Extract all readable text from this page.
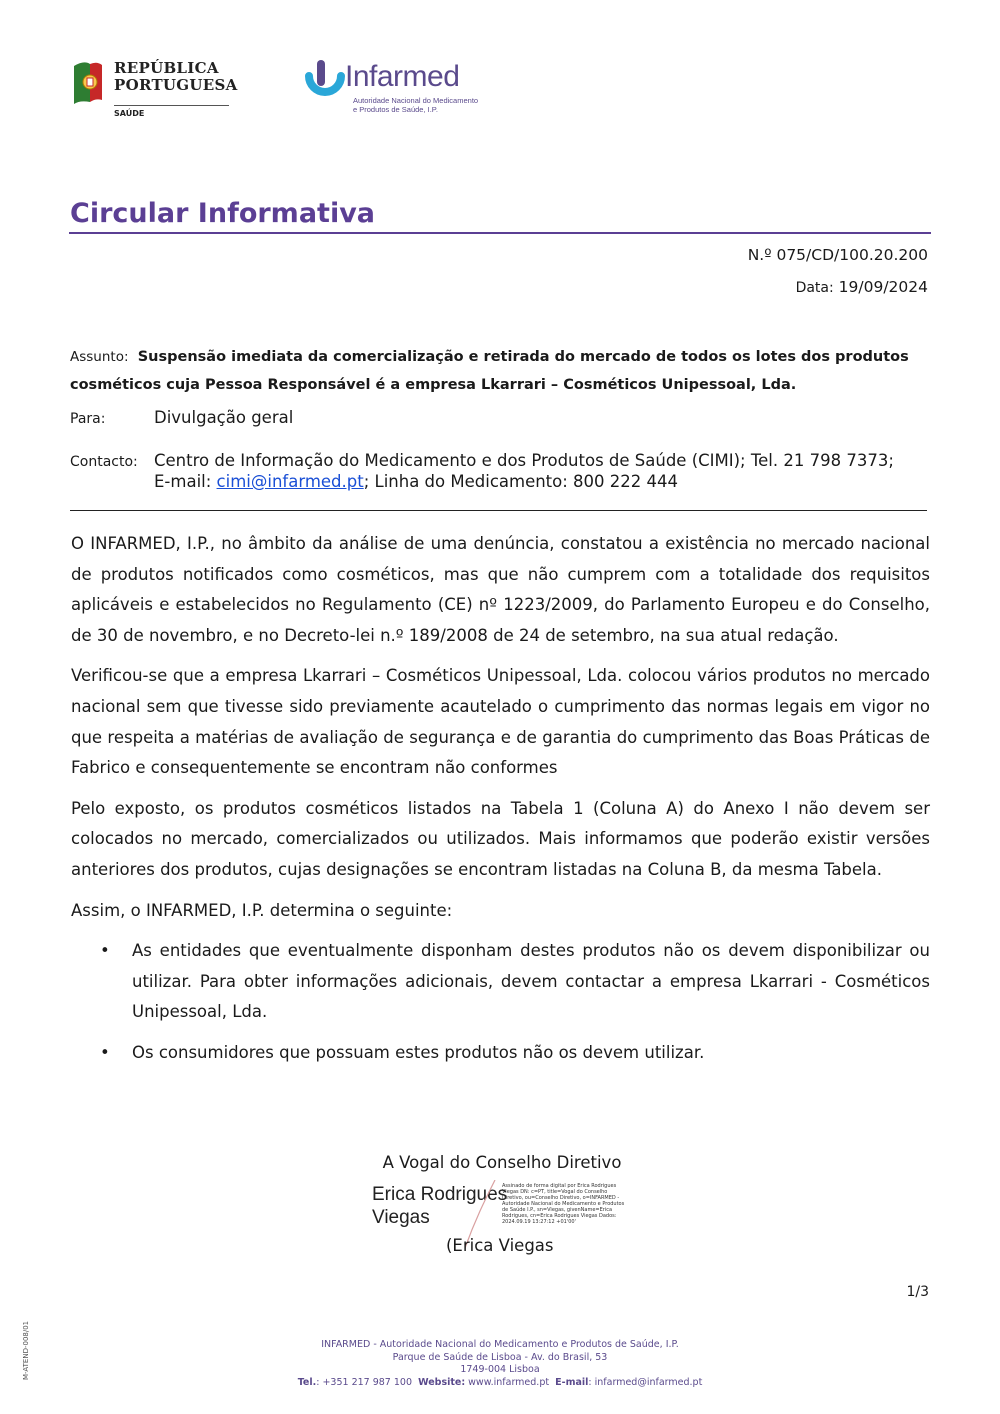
REPÚBLICA
PORTUGUESA
SAÚDE
Infarmed
Autoridade Nacional do Medicamento
e Produtos de Saúde, I.P.
Circular Informativa
N.º 075/CD/100.20.200
Data: 19/09/2024
Assunto: Suspensão imediata da comercialização e retirada do mercado de todos os lotes dos produtos cosméticos cuja Pessoa Responsável é a empresa Lkarrari – Cosméticos Unipessoal, Lda.
Para:	Divulgação geral
Contacto: Centro de Informação do Medicamento e dos Produtos de Saúde (CIMI); Tel. 21 798 7373;
E-mail: cimi@infarmed.pt; Linha do Medicamento: 800 222 444

O INFARMED, I.P., no âmbito da análise de uma denúncia, constatou a existência no mercado nacional de produtos notificados como cosméticos, mas que não cumprem com a totalidade dos requisitos aplicáveis e estabelecidos no Regulamento (CE) nº 1223/2009, do Parlamento Europeu e do Conselho, de 30 de novembro, e no Decreto-lei n.º 189/2008 de 24 de setembro, na sua atual redação.

Verificou-se que a empresa Lkarrari – Cosméticos Unipessoal, Lda. colocou vários produtos no mercado nacional sem que tivesse sido previamente acautelado o cumprimento das normas legais em vigor no que respeita a matérias de avaliação de segurança e de garantia do cumprimento das Boas Práticas de Fabrico e consequentemente se encontram não conformes

Pelo exposto, os produtos cosméticos listados na Tabela 1 (Coluna A) do Anexo I não devem ser colocados no mercado, comercializados ou utilizados. Mais informamos que poderão existir versões anteriores dos produtos, cujas designações se encontram listadas na Coluna B, da mesma Tabela.

Assim, o INFARMED, I.P. determina o seguinte:

• As entidades que eventualmente disponham destes produtos não os devem disponibilizar ou utilizar. Para obter informações adicionais, devem contactar a empresa Lkarrari - Cosméticos Unipessoal, Lda.
• Os consumidores que possuam estes produtos não os devem utilizar.
A Vogal do Conselho Diretivo
Erica Rodrigues
Viegas
Assinado de forma digital por Erica Rodrigues Viegas DN: c=PT, title=Vogal do Conselho Diretivo, ou=Conselho Diretivo, o=INFARMED - Autoridade Nacional do Medicamento e Produtos de Saúde I.P., sn=Viegas, givenName=Erica Rodrigues, cn=Erica Rodrigues Viegas Dados: 2024.09.19 13:27:12 +01'00'
(Erica Viegas
1/3
M-ATEND-008/01	INFARMED - Autoridade Nacional do Medicamento e Produtos de Saúde, I.P.
Parque de Saúde de Lisboa - Av. do Brasil, 53
1749-004 Lisboa
Tel.: +351 217 987 100 Website: www.infarmed.pt E-mail: infarmed@infarmed.pt
